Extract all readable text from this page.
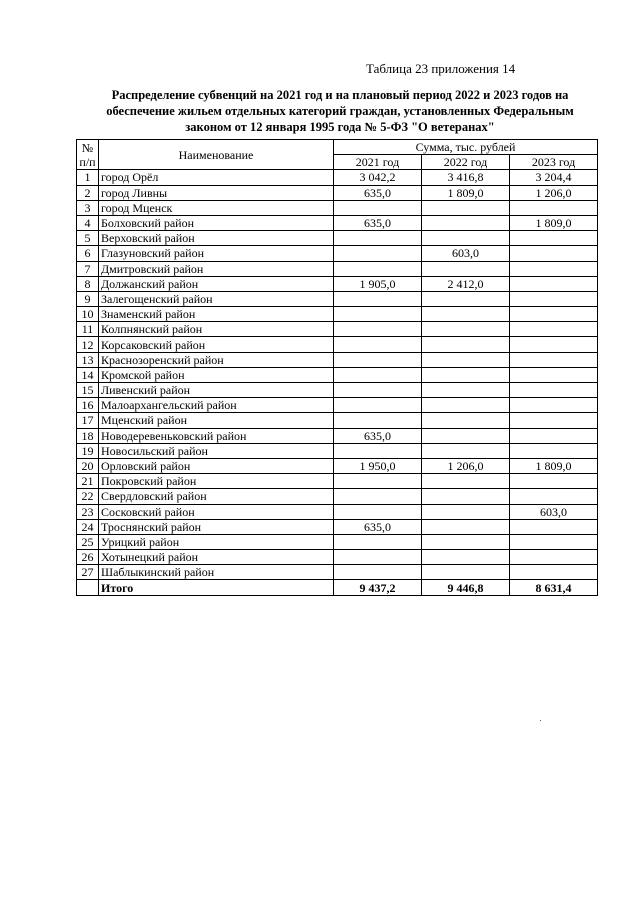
Таблица 23 приложения 14
Распределение субвенций на 2021 год и на плановый период 2022 и 2023 годов на
обеспечение жильем отдельных категорий граждан, установленных Федеральным
законом от 12 января 1995 года № 5-ФЗ "О ветеранах"
№
п/п	Наименование	Сумма, тыс. рублей		
		2021 год	2022 год	2023 год
1	город Орёл	3 042,2	3 416,8	3 204,4
2	город Ливны	635,0	1 809,0	1 206,0
3	город Мценск			
4	Болховский район	635,0		1 809,0
5	Верховский район			
6	Глазуновский район		603,0	
7	Дмитровский район			
8	Должанский район	1 905,0	2 412,0	
9	Залегощенский район			
10	Знаменский район			
11	Колпнянский район			
12	Корсаковский район			
13	Краснозоренский район			
14	Кромской район			
15	Ливенский район			
16	Малоархангельский район			
17	Мценский район			
18	Новодеревеньковский район	635,0		
19	Новосильский район			
20	Орловский район	1 950,0	1 206,0	1 809,0
21	Покровский район			
22	Свердловский район			
23	Сосковский район			603,0
24	Троснянский район	635,0		
25	Урицкий район			
26	Хотынецкий район			
27	Шаблыкинский район			
	Итого	9 437,2	9 446,8	8 631,4
